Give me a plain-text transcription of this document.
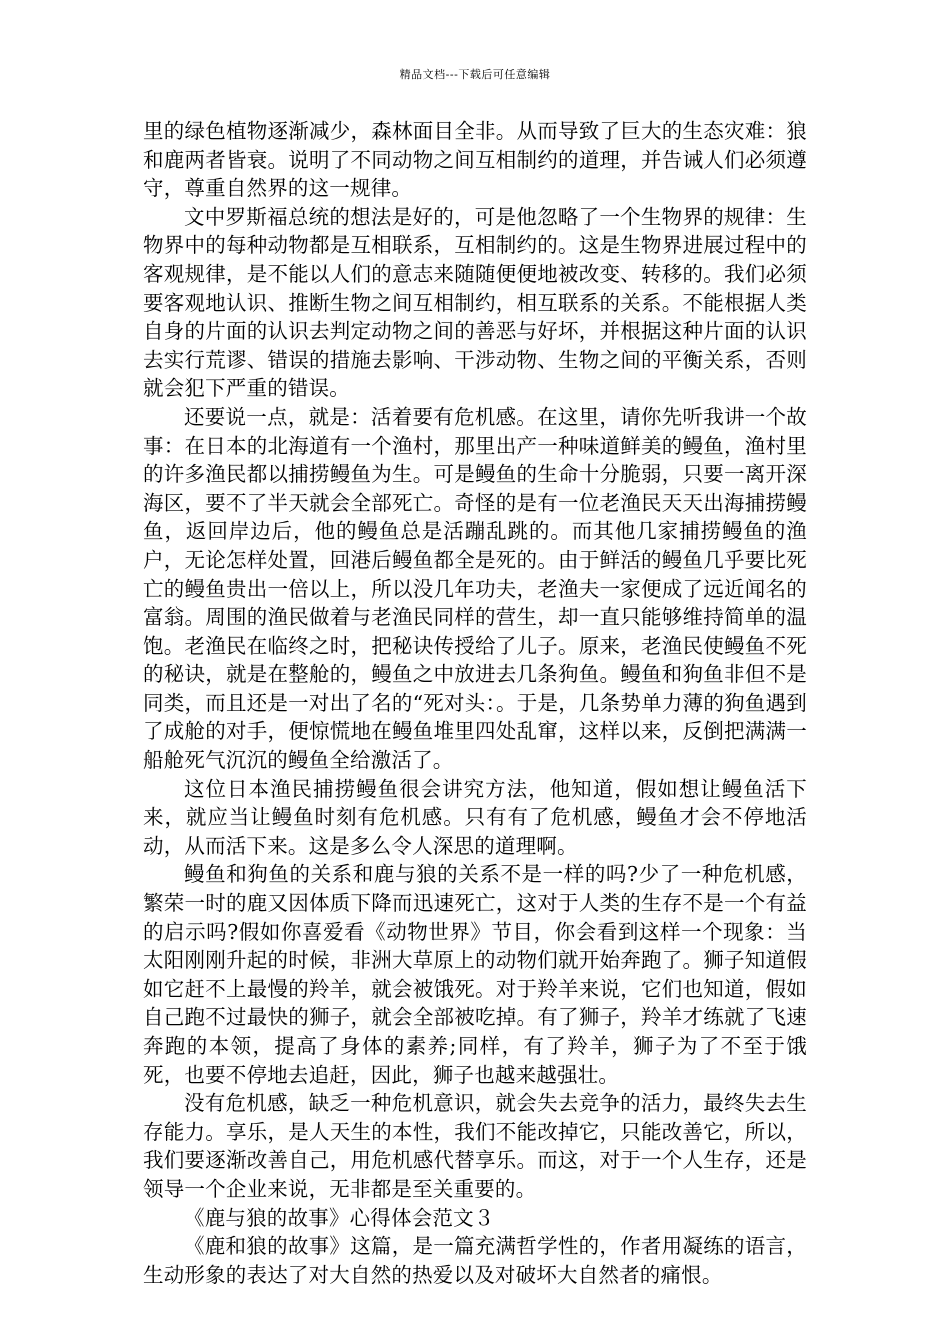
精品文档---下载后可任意编辑

里的绿色植物逐渐减少，森林面目全非。从而导致了巨大的生态灾难：狼和鹿两者皆衰。说明了不同动物之间互相制约的道理，并告诫人们必须遵守，尊重自然界的这一规律。

文中罗斯福总统的想法是好的，可是他忽略了一个生物界的规律：生物界中的每种动物都是互相联系，互相制约的。这是生物界进展过程中的客观规律，是不能以人们的意志来随随便便地被改变、转移的。我们必须要客观地认识、推断生物之间互相制约，相互联系的关系。不能根据人类自身的片面的认识去判定动物之间的善恶与好坏，并根据这种片面的认识去实行荒谬、错误的措施去影响、干涉动物、生物之间的平衡关系，否则就会犯下严重的错误。

还要说一点，就是：活着要有危机感。在这里，请你先听我讲一个故事：在日本的北海道有一个渔村，那里出产一种味道鲜美的鳗鱼，渔村里的许多渔民都以捕捞鳗鱼为生。可是鳗鱼的生命十分脆弱，只要一离开深海区，要不了半天就会全部死亡。奇怪的是有一位老渔民天天出海捕捞鳗鱼，返回岸边后，他的鳗鱼总是活蹦乱跳的。而其他几家捕捞鳗鱼的渔户，无论怎样处置，回港后鳗鱼都全是死的。由于鲜活的鳗鱼几乎要比死亡的鳗鱼贵出一倍以上，所以没几年功夫，老渔夫一家便成了远近闻名的富翁。周围的渔民做着与老渔民同样的营生，却一直只能够维持简单的温饱。老渔民在临终之时，把秘诀传授给了儿子。原来，老渔民使鳗鱼不死的秘诀，就是在整舱的，鳗鱼之中放进去几条狗鱼。鳗鱼和狗鱼非但不是同类，而且还是一对出了名的“死对头：。于是，几条势单力薄的狗鱼遇到了成舱的对手，便惊慌地在鳗鱼堆里四处乱窜，这样以来，反倒把满满一船舱死气沉沉的鳗鱼全给激活了。

这位日本渔民捕捞鳗鱼很会讲究方法，他知道，假如想让鳗鱼活下来，就应当让鳗鱼时刻有危机感。只有有了危机感，鳗鱼才会不停地活动，从而活下来。这是多么令人深思的道理啊。

鳗鱼和狗鱼的关系和鹿与狼的关系不是一样的吗?少了一种危机感，繁荣一时的鹿又因体质下降而迅速死亡，这对于人类的生存不是一个有益的启示吗?假如你喜爱看《动物世界》节目，你会看到这样一个现象：当太阳刚刚升起的时候，非洲大草原上的动物们就开始奔跑了。狮子知道假如它赶不上最慢的羚羊，就会被饿死。对于羚羊来说，它们也知道，假如自己跑不过最快的狮子，就会全部被吃掉。有了狮子，羚羊才练就了飞速奔跑的本领，提高了身体的素养;同样，有了羚羊，狮子为了不至于饿死，也要不停地去追赶，因此，狮子也越来越强壮。

没有危机感，缺乏一种危机意识，就会失去竞争的活力，最终失去生存能力。享乐，是人天生的本性，我们不能改掉它，只能改善它，所以，我们要逐渐改善自己，用危机感代替享乐。而这，对于一个人生存，还是领导一个企业来说，无非都是至关重要的。

《鹿与狼的故事》心得体会范文３

《鹿和狼的故事》这篇，是一篇充满哲学性的，作者用凝练的语言，生动形象的表达了对大自然的热爱以及对破坏大自然者的痛恨。
